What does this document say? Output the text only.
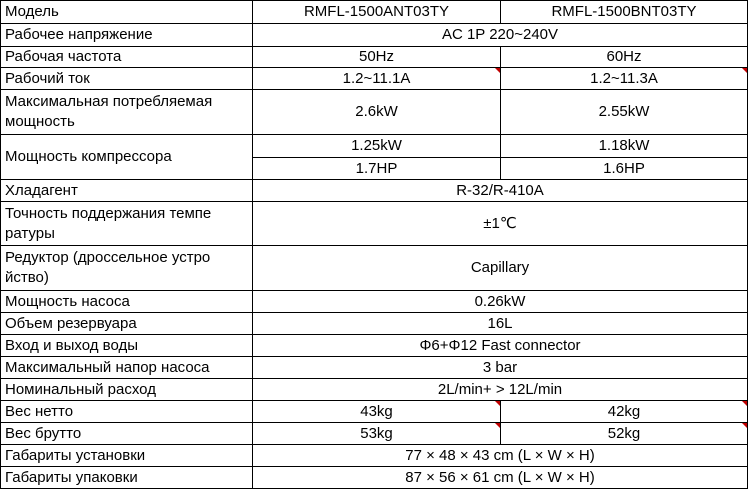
Модель	RMFL-1500ANT03TY	RMFL-1500BNT03TY
Рабочее напряжение	AC 1P 220~240V	
Рабочая частота	50Hz	60Hz
Рабочий ток	1.2~11.1A	1.2~11.3A

Максимальная потребляемая
мощность	2.6kW	2.55kW
Мощность компрессора	1.25kW	1.18kW
	1.7HP	1.6HP
Хладагент	R-32/R-410A	

Точность поддержания темпе
ратуры	±1℃	

Редуктор (дроссельное устро
йство)	Capillary	
Мощность насоса	0.26kW	
Объем резервуара	16L	
Вход и выход воды	Φ6+Φ12 Fast connector	
Максимальный напор насоса	3 bar	
Номинальный расход	2L/min+ > 12L/min	
Вес нетто	43kg	42kg

Вес брутто	53kg	52kg

Габариты установки	77 × 48 × 43 cm (L × W × H)	
Габариты упаковки	87 × 56 × 61 cm (L × W × H)	
